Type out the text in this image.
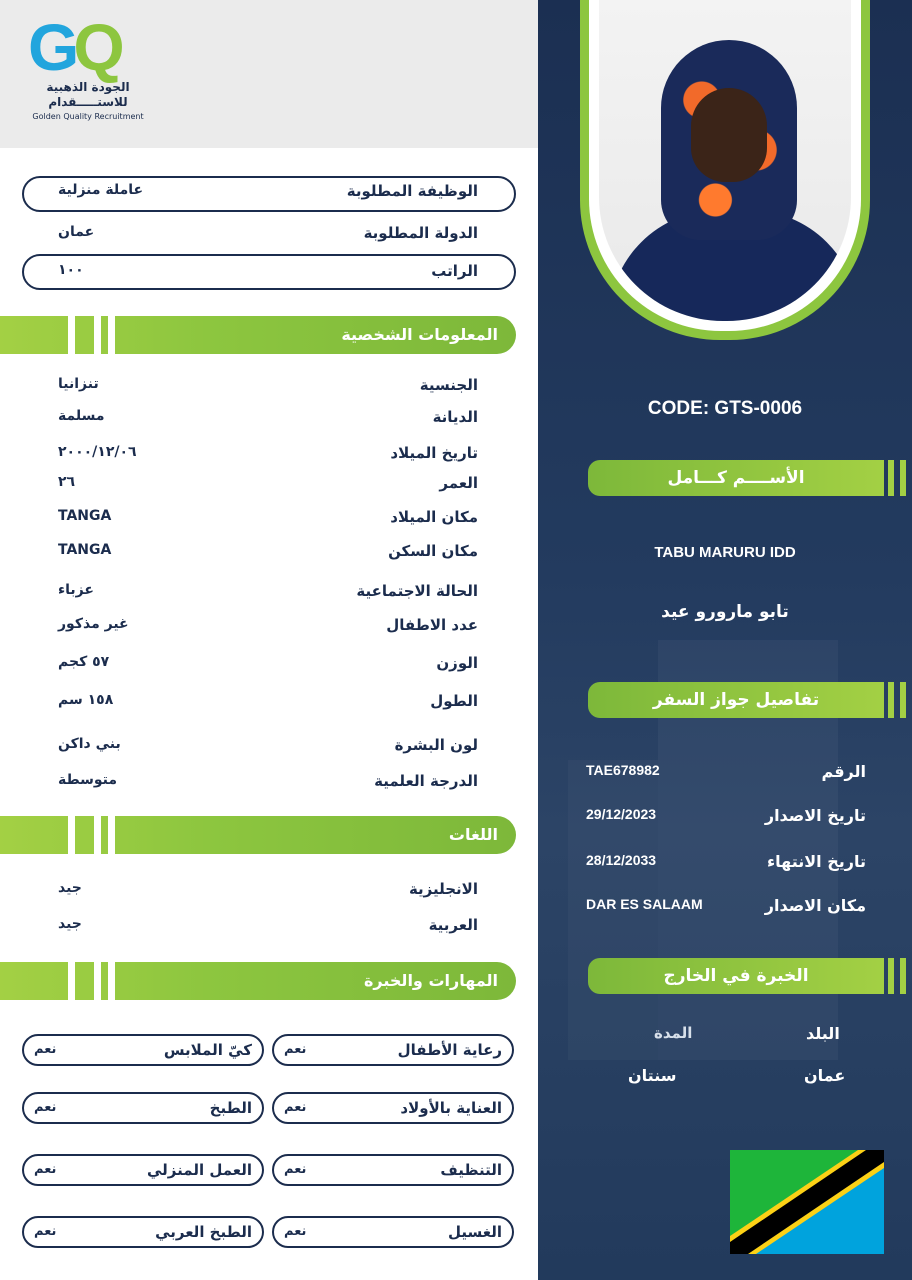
GQ
الجودة الذهبية
للاستـــــقدام
Golden Quality Recruitment
الوظيفة المطلوبة
عاملة منزلية
الدولة المطلوبة
عمان
الراتب
١٠٠
المعلومات الشخصية
الجنسية
تنزانيا
الديانة
مسلمة
تاريخ الميلاد
٢٠٠٠/١٢/٠٦
العمر
٢٦
مكان الميلاد
TANGA
مكان السكن
TANGA
الحالة الاجتماعية
عزباء
عدد الاطفال
غير مذكور
الوزن
٥٧ كجم
الطول
١٥٨ سم
لون البشرة
بني داكن
الدرجة العلمية
متوسطة
اللغات
الانجليزية
جيد
العربية
جيد
المهارات والخبرة
رعاية الأطفال
نعم
كيّ الملابس
نعم
العناية بالأولاد
نعم
الطبخ
نعم
التنظيف
نعم
العمل المنزلي
نعم
الغسيل
نعم
الطبخ العربي
نعم
CODE: GTS-0006
الأســــم كـــامل
TABU MARURU IDD
تابو مارورو عيد
تفاصيل جواز السفر
الرقم
TAE678982
تاريخ الاصدار
29/12/2023
تاريخ الانتهاء
28/12/2033
مكان الاصدار
DAR ES SALAAM
الخبرة في الخارج
البلد
المدة
عمان
سنتان
